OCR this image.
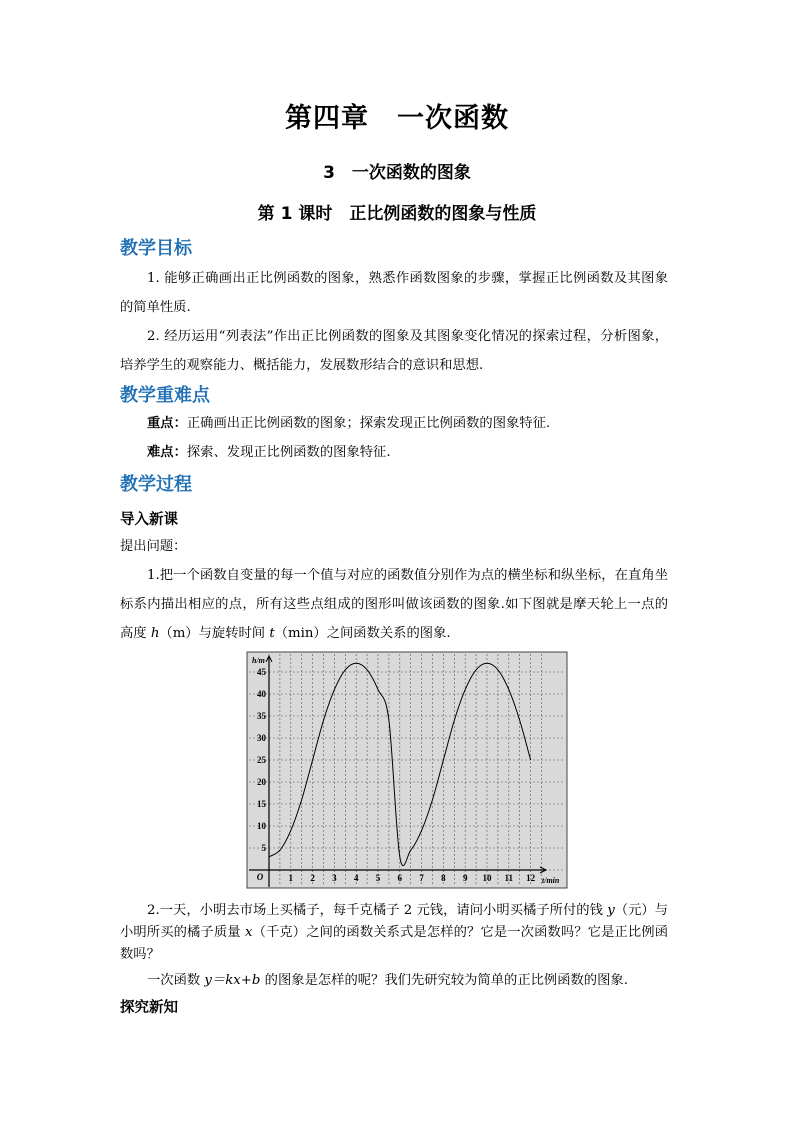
第四章　一次函数
3　一次函数的图象
第 1 课时　正比例函数的图象与性质
教学目标

1. 能够正确画出正比例函数的图象，熟悉作函数图象的步骤，掌握正比例函数及其图象的简单性质.

2. 经历运用“列表法”作出正比例函数的图象及其图象变化情况的探索过程，分析图象，培养学生的观察能力、概括能力，发展数形结合的意识和思想.

教学重难点

重点：正确画出正比例函数的图象；探索发现正比例函数的图象特征.

难点：探索、发现正比例函数的图象特征.

教学过程
导入新课

提出问题：

1.把一个函数自变量的每一个值与对应的函数值分别作为点的横坐标和纵坐标，在直角坐标系内描出相应的点，所有这些点组成的图形叫做该函数的图象.如下图就是摩天轮上一点的高度 h（m）与旋转时间 t（min）之间函数关系的图象.

1 2 3 4 5 6 7 8 9 10 11 12
5
10
15
20
25
30
35
40
45
O	t/min
h/m

2.一天，小明去市场上买橘子，每千克橘子 2 元钱，请问小明买橘子所付的钱 y（元）与小明所买的橘子质量 x（千克）之间的函数关系式是怎样的？它是一次函数吗？它是正比例函数吗？

一次函数 y＝kx+b 的图象是怎样的呢？我们先研究较为简单的正比例函数的图象.

探究新知
